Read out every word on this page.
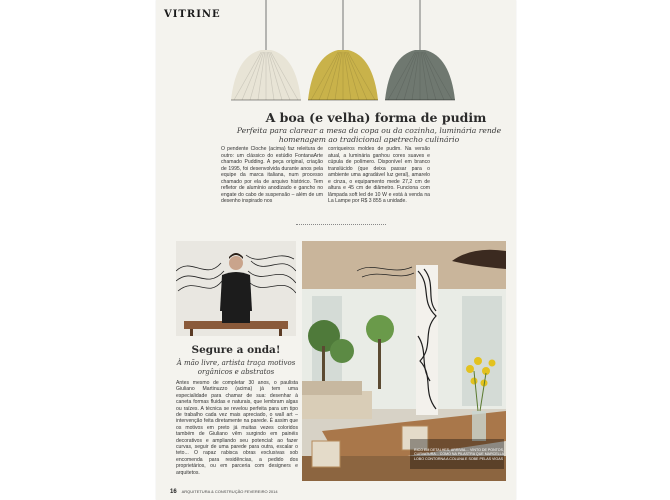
VITRINE
A boa (e velha) forma de pudim
Perfeita para clarear a mesa da copa ou da cozinha, luminária rende homenagem ao tradicional apetrecho culinário
O pendente Cloche (acima) faz releitura de outro: um clássico do estúdio FontanaArte chamado Pudding. A peça original, criação de 1995, foi desenvolvida durante anos pela equipe da marca italiana, num processo chamado por ela de arquivo histórico. Tem refletor de alumínio anodizado e gancho no engate do cabo de suspensão – além de um desenho inspirado nos
corriqueiros moldes de pudim. Na versão atual, a luminária ganhou cores suaves e cúpula de polímero. Disponível em branco translúcido (que deixa passar para o ambiente uma agradável luz geral), amarelo e cinza, o equipamento mede 27,2 cm de altura e 45 cm de diâmetro. Funciona com lâmpada soft led de 10 W e está à venda na La Lampe por R$ 3 855 a unidade.
Segure a onda!
À mão livre, artista traça motivos orgânicos e abstratos
Antes mesmo de completar 30 anos, o paulista Giuliano Martinuzzo (acima) já tem uma especialidade para chamar de sua: desenhar à caneta formas fluidas e naturais, que lembram algas ou raízes. A técnica se revelou perfeita para um tipo de trabalho cada vez mais apreciado, o wall art – intervenção feita diretamente na parede. É assim que os motivos em preto já muitas vezes coloridos também de Giuliano vêm surgindo em painéis decorativos e ampliando seu potencial: ao fazer curvas, seguir de uma parede para outra, escalar o teto... O rapaz rabisca obras exclusivas sob encomenda para residências, a pedido dos proprietários, ou em parceria com designers e arquitetos.
RICO EM DETALHES, ARRIVAL... VINTO DE PONTOS, CURVATURA... COMO NA PILASTRA QUE MARCELLA LOBO CONTORNA A COLUNA E SOBE PELAS VIGAS
16 ARQUITETURA & CONSTRUÇÃO FEVEREIRO 2014
